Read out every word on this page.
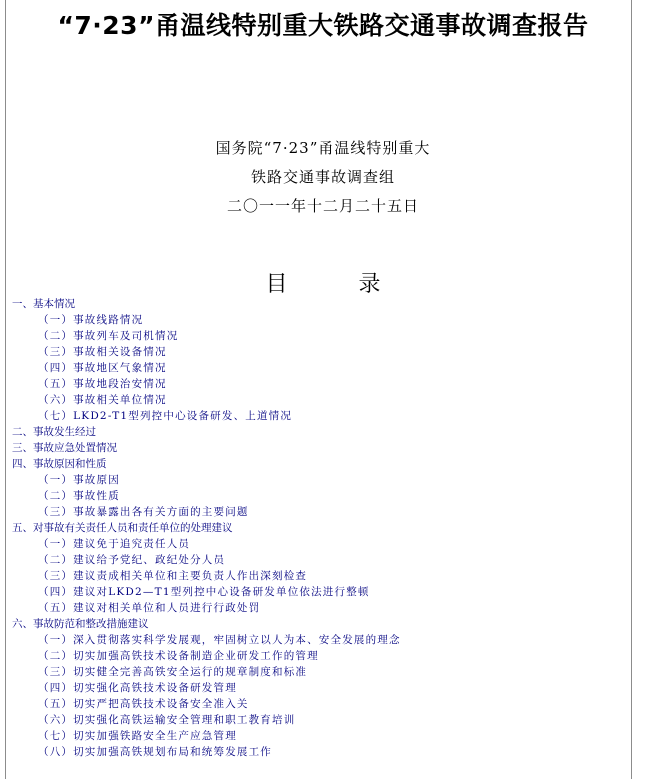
“7·23”甬温线特别重大铁路交通事故调查报告
国务院“7·23”甬温线特别重大
铁路交通事故调查组
二〇一一年十二月二十五日
目 录
一、基本情况
（一）事故线路情况
（二）事故列车及司机情况
（三）事故相关设备情况
（四）事故地区气象情况
（五）事故地段治安情况
（六）事故相关单位情况
（七）LKD2-T1型列控中心设备研发、上道情况
二、事故发生经过
三、事故应急处置情况
四、事故原因和性质
（一）事故原因
（二）事故性质
（三）事故暴露出各有关方面的主要问题
五、对事故有关责任人员和责任单位的处理建议
（一）建议免于追究责任人员
（二）建议给予党纪、政纪处分人员
（三）建议责成相关单位和主要负责人作出深刻检查
（四）建议对LKD2—T1型列控中心设备研发单位依法进行整顿
（五）建议对相关单位和人员进行行政处罚
六、事故防范和整改措施建议
（一）深入贯彻落实科学发展观，牢固树立以人为本、安全发展的理念
（二）切实加强高铁技术设备制造企业研发工作的管理
（三）切实健全完善高铁安全运行的规章制度和标准
（四）切实强化高铁技术设备研发管理
（五）切实严把高铁技术设备安全准入关
（六）切实强化高铁运输安全管理和职工教育培训
（七）切实加强铁路安全生产应急管理
（八）切实加强高铁规划布局和统筹发展工作
